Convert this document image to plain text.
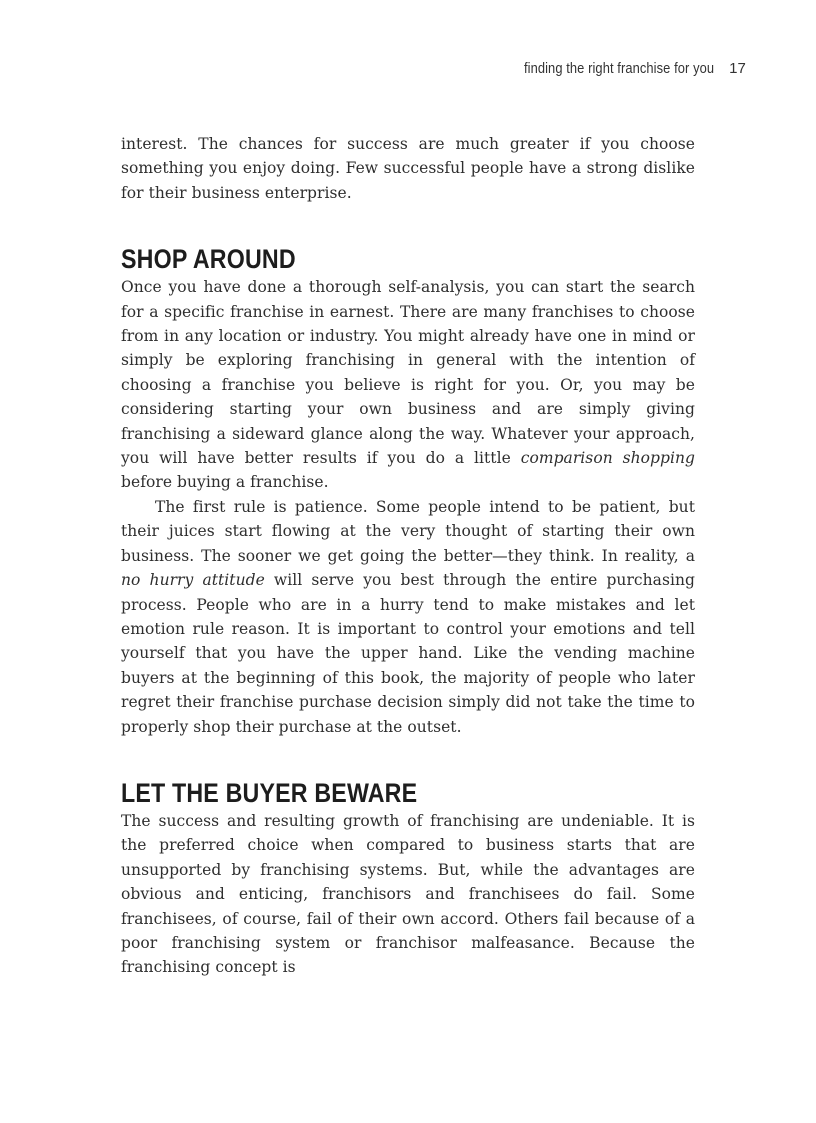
finding the right franchise for you 17

interest. The chances for success are much greater if you choose something you enjoy doing. Few successful people have a strong dislike for their business enterprise.

SHOP AROUND

Once you have done a thorough self-analysis, you can start the search for a specific franchise in earnest. There are many franchises to choose from in any location or industry. You might already have one in mind or simply be exploring franchising in general with the intention of choosing a franchise you believe is right for you. Or, you may be considering starting your own business and are simply giving franchising a sideward glance along the way. Whatever your approach, you will have better results if you do a little comparison shopping before buying a franchise.

The first rule is patience. Some people intend to be patient, but their juices start flowing at the very thought of starting their own business. The sooner we get going the better—they think. In reality, a no hurry attitude will serve you best through the entire purchasing process. People who are in a hurry tend to make mistakes and let emotion rule reason. It is important to control your emotions and tell yourself that you have the upper hand. Like the vending machine buyers at the beginning of this book, the majority of people who later regret their franchise purchase decision simply did not take the time to properly shop their purchase at the outset.

LET THE BUYER BEWARE

The success and resulting growth of franchising are undeniable. It is the preferred choice when compared to business starts that are unsupported by franchising systems. But, while the advantages are obvious and enticing, franchisors and franchisees do fail. Some franchisees, of course, fail of their own accord. Others fail because of a poor franchising system or franchisor malfeasance. Because the franchising concept is
